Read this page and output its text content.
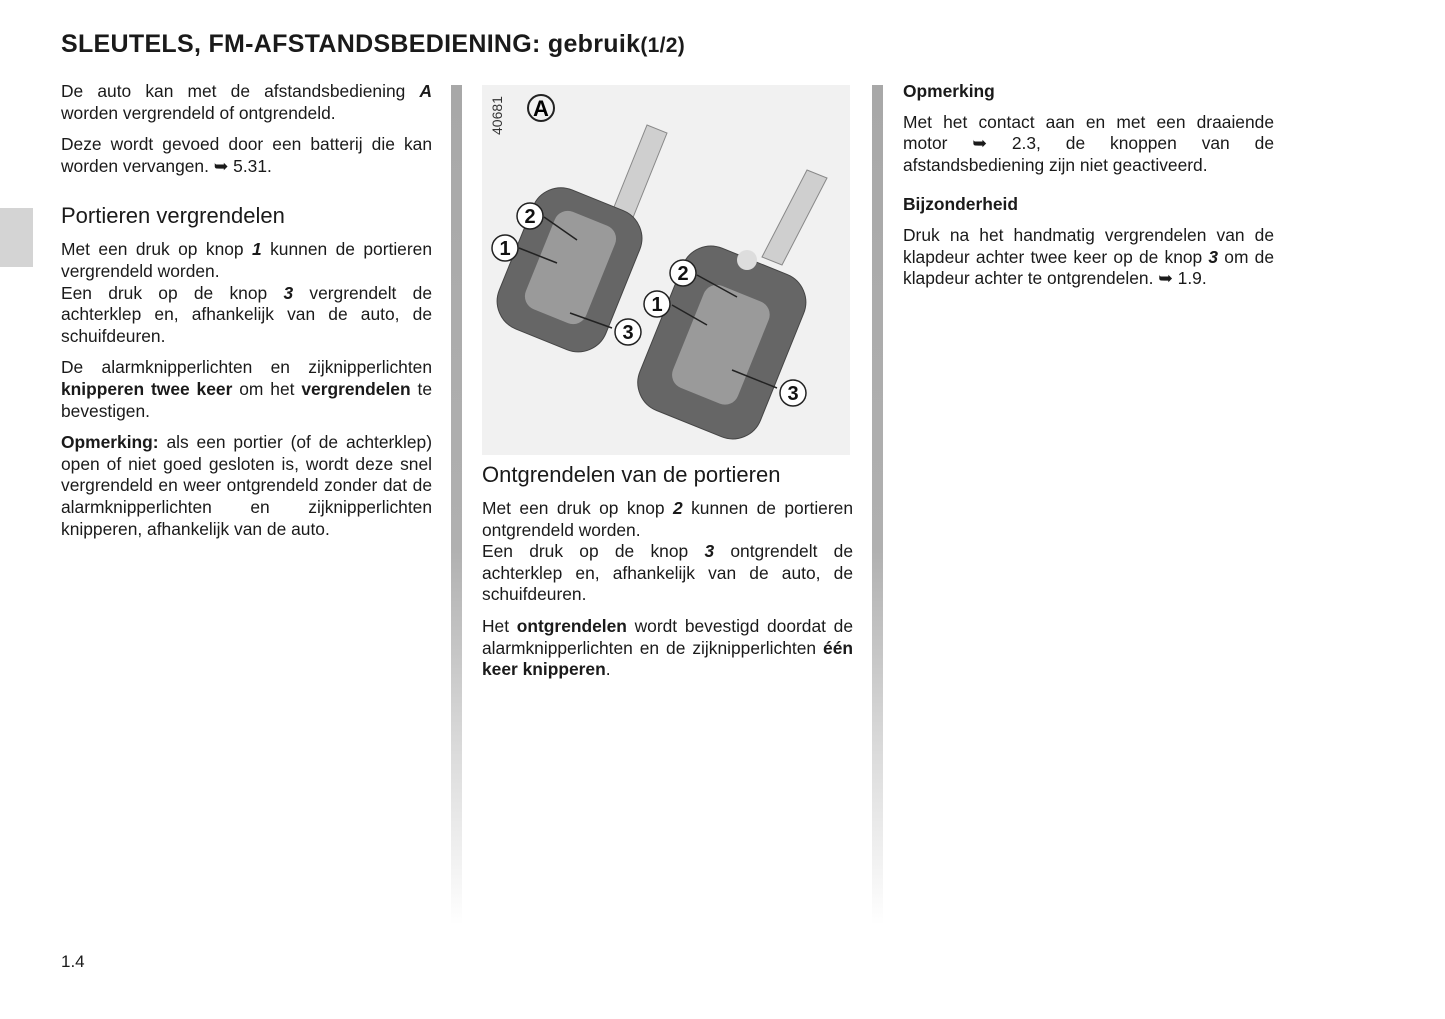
SLEUTELS, FM-AFSTANDSBEDIENING: gebruik(1/2)

De auto kan met de afstandsbediening A worden vergrendeld of ontgrendeld.

Deze wordt gevoed door een batterij die kan worden vervangen. ➥ 5.31.

Portieren vergrendelen

Met een druk op knop 1 kunnen de portieren vergrendeld worden.

Een druk op de knop 3 vergrendelt de achterklep en, afhankelijk van de auto, de schuifdeuren.

De alarmknipperlichten en zijknipperlichten knipperen twee keer om het vergrendelen te bevestigen.

Opmerking: als een portier (of de achterklep) open of niet goed gesloten is, wordt deze snel vergrendeld en weer ontgrendeld zonder dat de alarmknipperlichten en zijknipperlichten knipperen, afhankelijk van de auto.

40681 A
2
1
3
2
1
3
Ontgrendelen van de portieren

Met een druk op knop 2 kunnen de portieren ontgrendeld worden.

Een druk op de knop 3 ontgrendelt de achterklep en, afhankelijk van de auto, de schuifdeuren.

Het ontgrendelen wordt bevestigd doordat de alarmknipperlichten en de zijknipperlichten één keer knipperen.

Opmerking

Met het contact aan en met een draaiende motor ➥ 2.3, de knoppen van de afstandsbediening zijn niet geactiveerd.

Bijzonderheid

Druk na het handmatig vergrendelen van de klapdeur achter twee keer op de knop 3 om de klapdeur achter te ontgrendelen. ➥ 1.9.

1.4
